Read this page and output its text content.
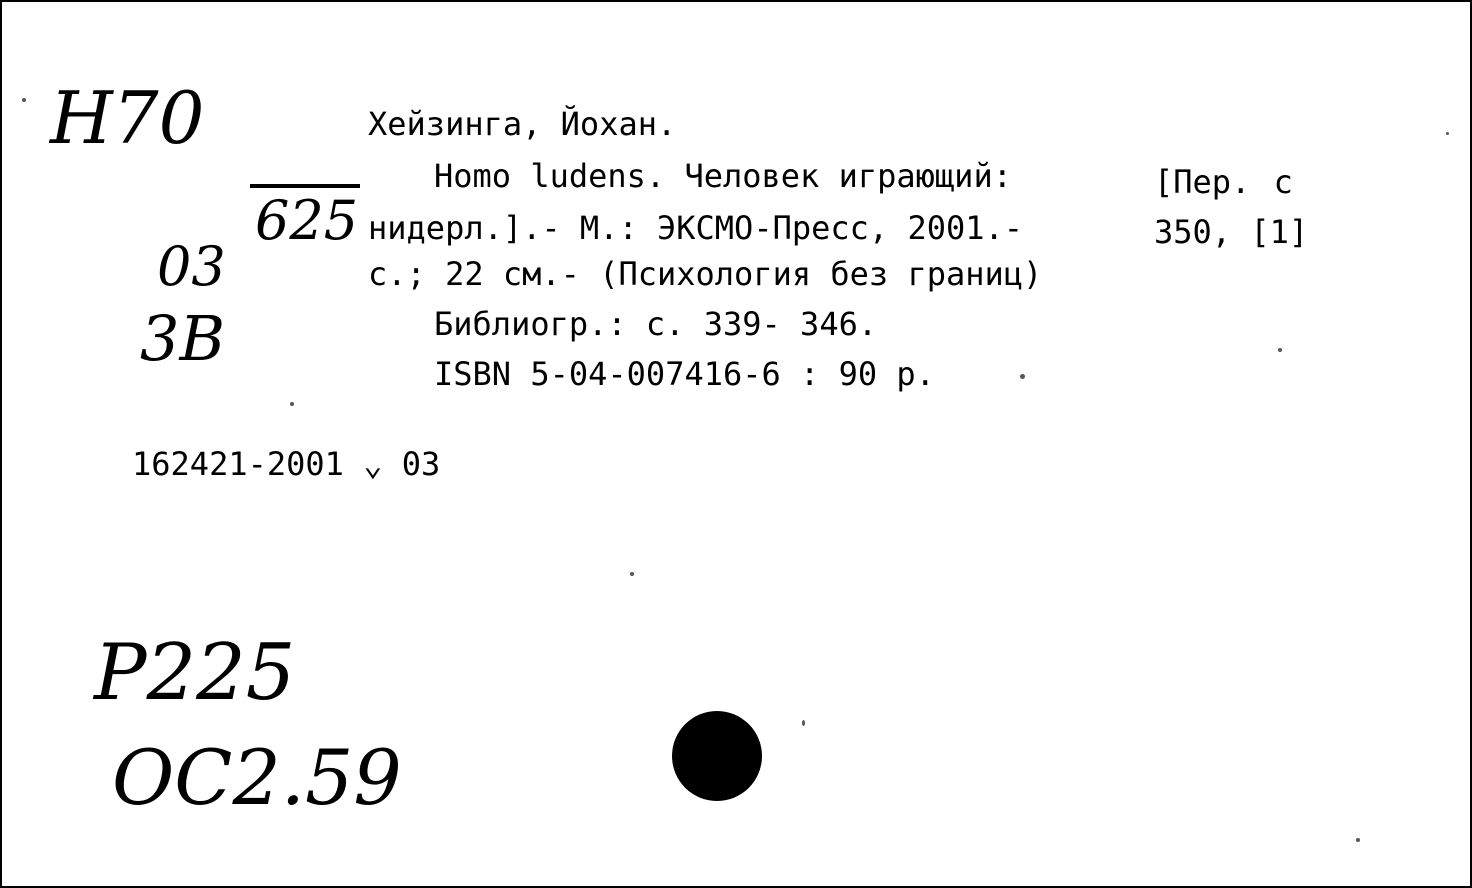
Н70
625
03
3В
162421-2001 ⌄ 03
Р225
ОС2.59
Хейзинга, Йохан.
Homo ludens. Человек играющий:	[Пер. с
нидерл.].- М.: ЭКСМО-Пресс, 2001.-	350, [1]
с.; 22 см.- (Психология без границ)
Библиогр.: с. 339- 346.
ISBN 5-04-007416-6 : 90 р.
